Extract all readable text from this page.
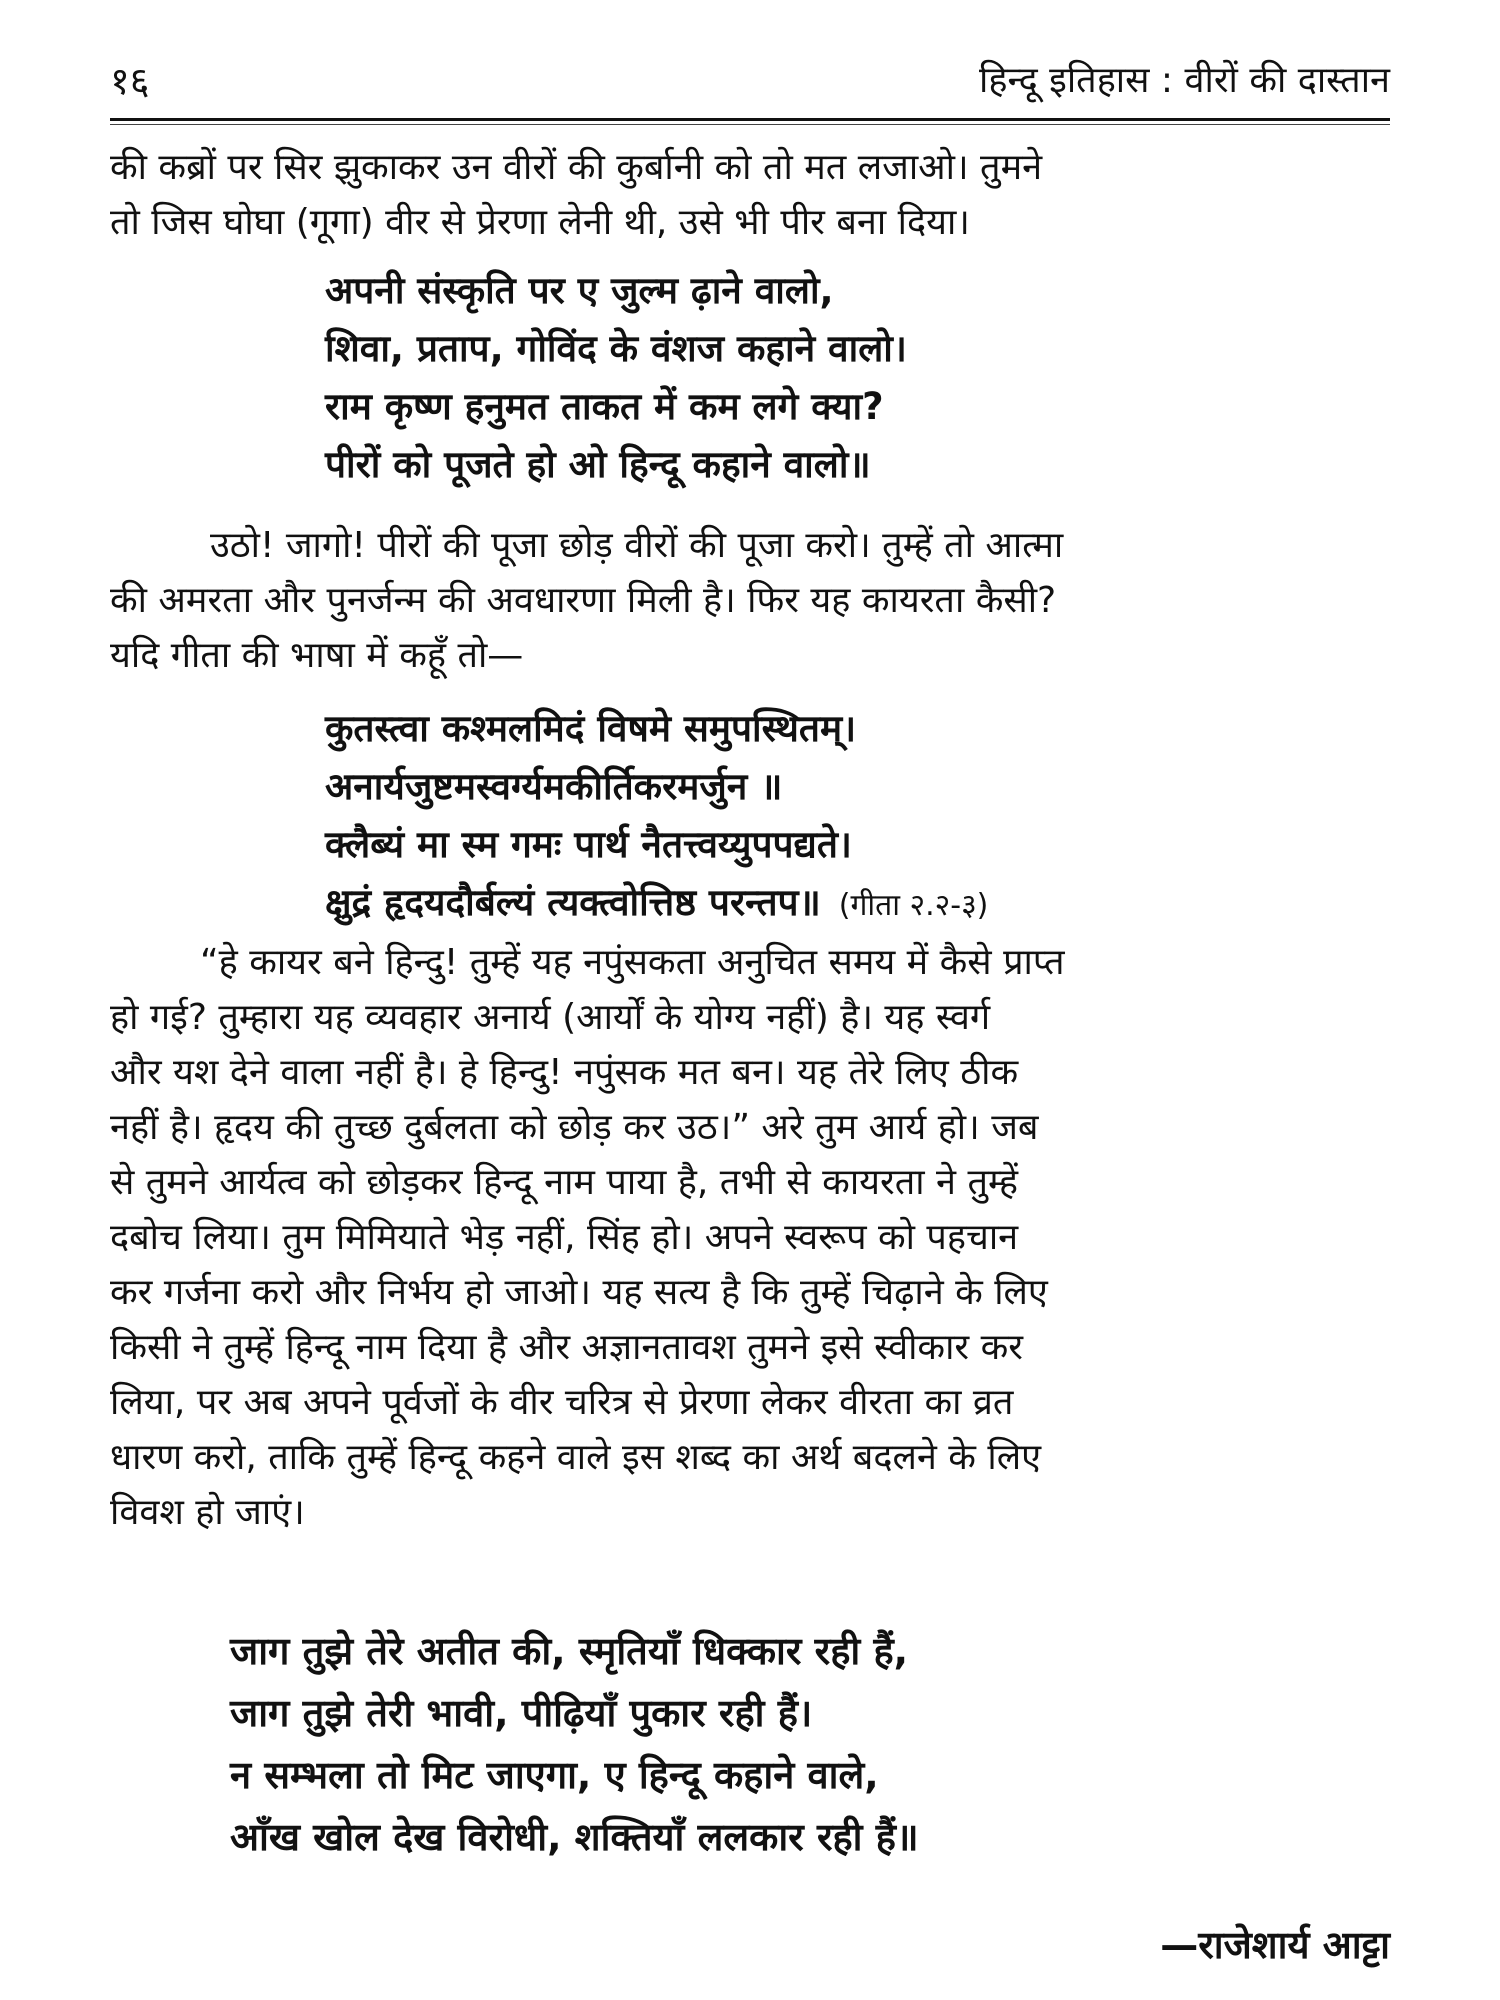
१६	हिन्दू इतिहास : वीरों की दास्तान
की कब्रों पर सिर झुकाकर उन वीरों की कुर्बानी को तो मत लजाओ। तुमने
तो जिस घोघा (गूगा) वीर से प्रेरणा लेनी थी, उसे भी पीर बना दिया।
अपनी संस्कृति पर ए जुल्म ढ़ाने वालो,
शिवा, प्रताप, गोविंद के वंशज कहाने वालो।
राम कृष्ण हनुमत ताकत में कम लगे क्या?
पीरों को पूजते हो ओ हिन्दू कहाने वालो॥
उठो! जागो! पीरों की पूजा छोड़ वीरों की पूजा करो। तुम्हें तो आत्मा
की अमरता और पुनर्जन्म की अवधारणा मिली है। फिर यह कायरता कैसी?
यदि गीता की भाषा में कहूँ तो—
कुतस्त्वा कश्मलमिदं विषमे समुपस्थितम्।
अनार्यजुष्टमस्वर्ग्यमकीर्तिकरमर्जुन ॥
क्लैब्यं मा स्म गमः पार्थ नैतत्त्वय्युपपद्यते।
क्षुद्रं हृदयदौर्बल्यं त्यक्त्वोत्तिष्ठ परन्तप॥ (गीता २.२-३)
“हे कायर बने हिन्दु! तुम्हें यह नपुंसकता अनुचित समय में कैसे प्राप्त
हो गई? तुम्हारा यह व्यवहार अनार्य (आर्यों के योग्य नहीं) है। यह स्वर्ग
और यश देने वाला नहीं है। हे हिन्दु! नपुंसक मत बन। यह तेरे लिए ठीक
नहीं है। हृदय की तुच्छ दुर्बलता को छोड़ कर उठ।” अरे तुम आर्य हो। जब
से तुमने आर्यत्व को छोड़कर हिन्दू नाम पाया है, तभी से कायरता ने तुम्हें
दबोच लिया। तुम मिमियाते भेड़ नहीं, सिंह हो। अपने स्वरूप को पहचान
कर गर्जना करो और निर्भय हो जाओ। यह सत्य है कि तुम्हें चिढ़ाने के लिए
किसी ने तुम्हें हिन्दू नाम दिया है और अज्ञानतावश तुमने इसे स्वीकार कर
लिया, पर अब अपने पूर्वजों के वीर चरित्र से प्रेरणा लेकर वीरता का व्रत
धारण करो, ताकि तुम्हें हिन्दू कहने वाले इस शब्द का अर्थ बदलने के लिए
विवश हो जाएं।
जाग तुझे तेरे अतीत की, स्मृतियाँ धिक्कार रही हैं,
जाग तुझे तेरी भावी, पीढ़ियाँ पुकार रही हैं।
न सम्भला तो मिट जाएगा, ए हिन्दू कहाने वाले,
आँख खोल देख विरोधी, शक्तियाँ ललकार रही हैं॥
—राजेशार्य आट्टा
